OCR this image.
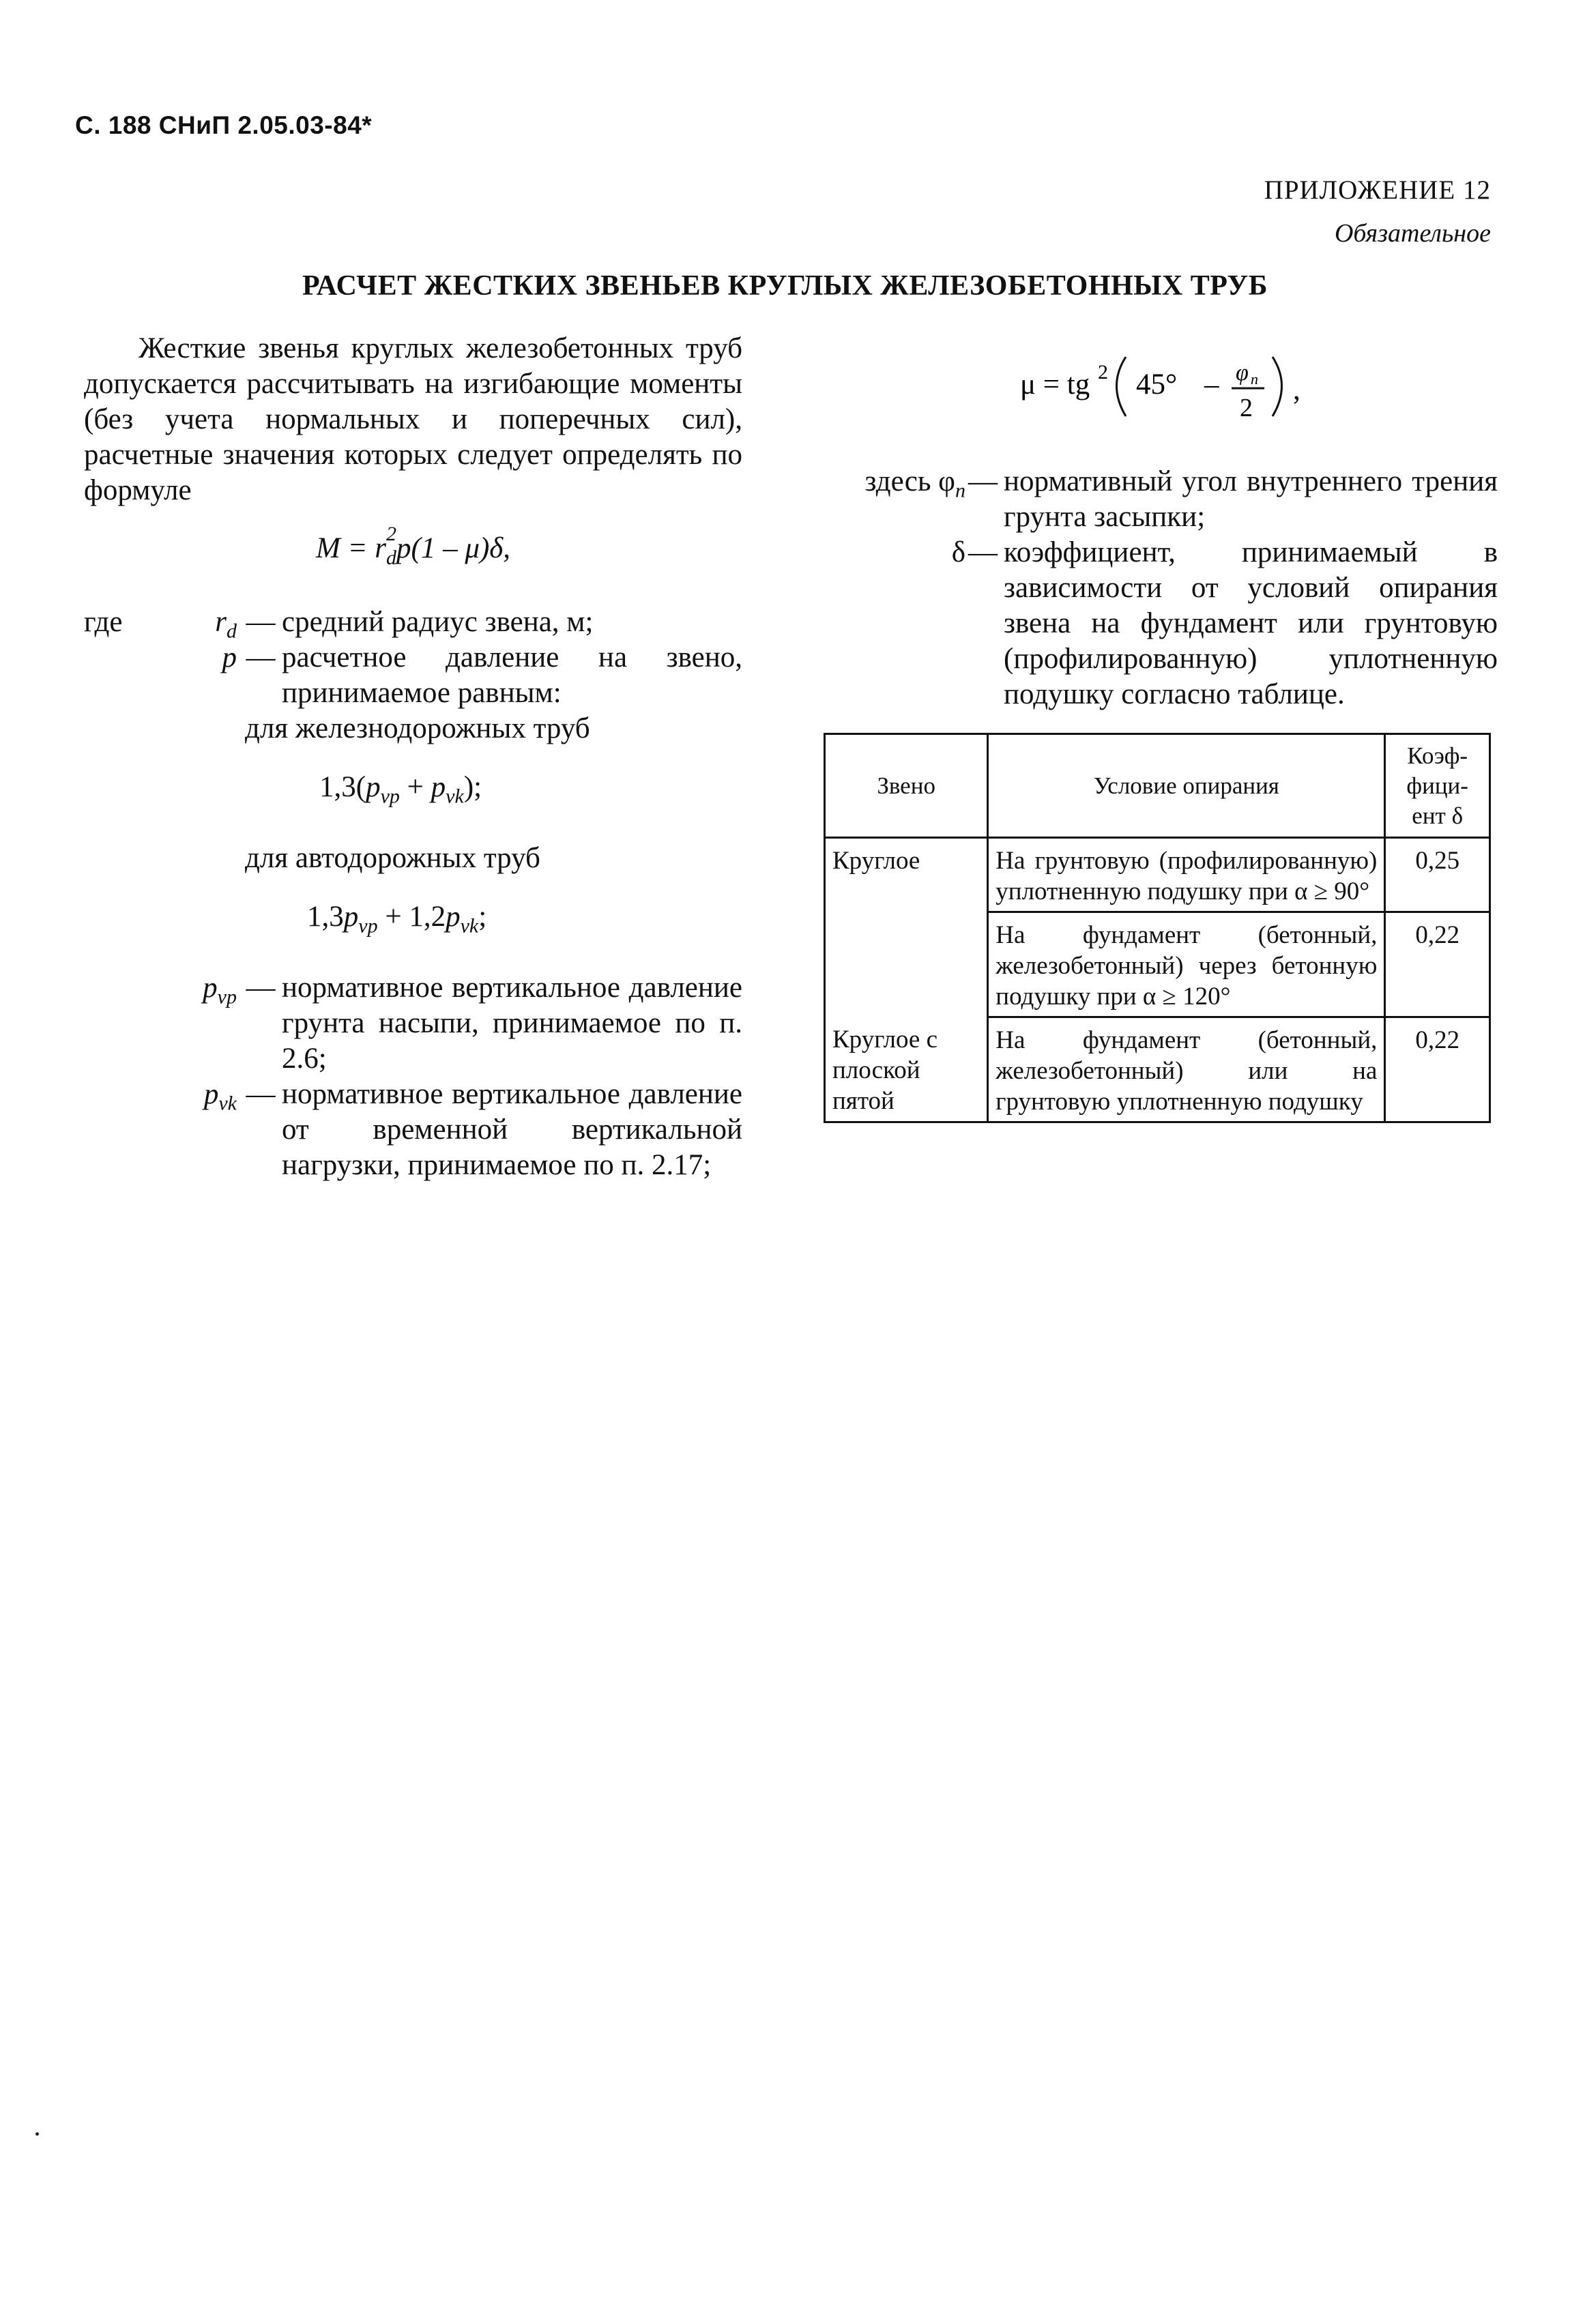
С. 188 СНиП 2.05.03-84*
ПРИЛОЖЕНИЕ 12
Обязательное
РАСЧЕТ ЖЕСТКИХ ЗВЕНЬЕВ КРУГЛЫХ ЖЕЛЕЗОБЕТОННЫХ ТРУБ
Жесткие звенья круглых железобетонных труб допускается рассчитывать на изгибающие моменты (без учета нормальных и поперечных сил), расчетные значения которых следует определять по формуле
M = r $_{2 d}$p(1 – μ)δ,
где	$r_d$ — средний радиус звена, м;
p — расчетное давление на звено, принимаемое равным:
для железнодорожных труб
$1,3(p_{vp} + p_{vk})$;
для автодорожных труб
$1,3p_{vp} + 1,2p_{vk}$;
$p_{vp}$ — нормативное вертикальное давление грунта насыпи, принимаемое по п. 2.6;
$p_{vk}$ — нормативное вертикальное давление от временной вертикальной нагрузки, принимаемое по п. 2.17;
μ = tg 2 45° – φ n
2
,
здесь $\varphi_n$ — нормативный угол внутреннего трения грунта засыпки;
δ — коэффициент, принимаемый в зависимости от условий опирания звена на фундамент или грунтовую (профилированную) уплотненную подушку согласно таблице.
Звено	Условие опирания	Коэф-
фици-
ент δ
Круглое	На грунтовую (профилированную) уплотненную подушку при α ≥ 90°	0,25
	На фундамент (бетонный, железобетонный) через бетонную подушку при α ≥ 120°	0,22
Круглое с плоской пятой	На фундамент (бетонный, железобетонный) или на грунтовую уплотненную подушку	0,22
